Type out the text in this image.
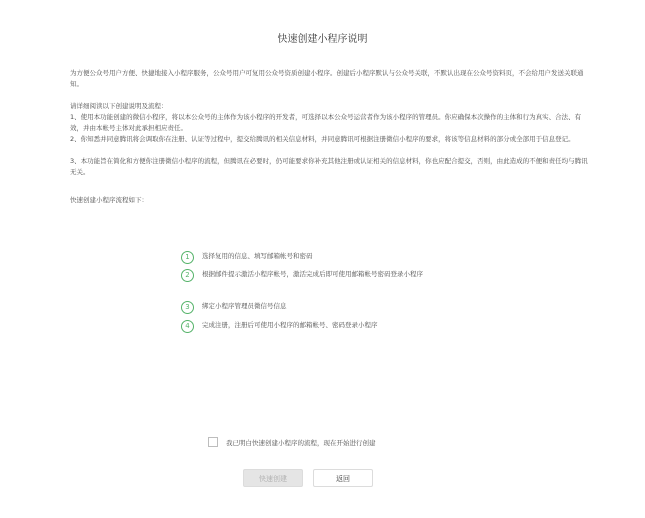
快速创建小程序说明
为方便公众号用户方便、快捷地接入小程序服务，公众号用户可复用公众号资质创建小程序。创建后小程序默认与公众号关联，不默认出现在公众号资料页，不会给用户发送关联通知。
请详细阅读以下创建说明及流程：
1、使用本功能创建的微信小程序，将以本公众号的主体作为该小程序的开发者，可选择以本公众号运营者作为该小程序的管理员。你应确保本次操作的主体和行为真实、合法、有效，并由本帐号主体对此承担相应责任。
2、你知悉并同意腾讯将会调取你在注册、认证等过程中，提交给腾讯的相关信息材料，并同意腾讯可根据注册微信小程序的要求，将该等信息材料的部分或全部用于信息登记。
3、本功能旨在简化和方便你注册微信小程序的流程，但腾讯在必要时，仍可能要求你补充其他注册或认证相关的信息材料，你也应配合提交，否则，由此造成的不便和责任均与腾讯无关。
快速创建小程序流程如下：
1	选择复用的信息、填写邮箱帐号和密码
2	根据邮件提示激活小程序帐号，激活完成后即可使用邮箱帐号密码登录小程序
3	绑定小程序管理员微信号信息
4	完成注册，注册后可使用小程序的邮箱帐号、密码登录小程序
我已明白快速创建小程序的流程，现在开始进行创建
快速创建	返回
